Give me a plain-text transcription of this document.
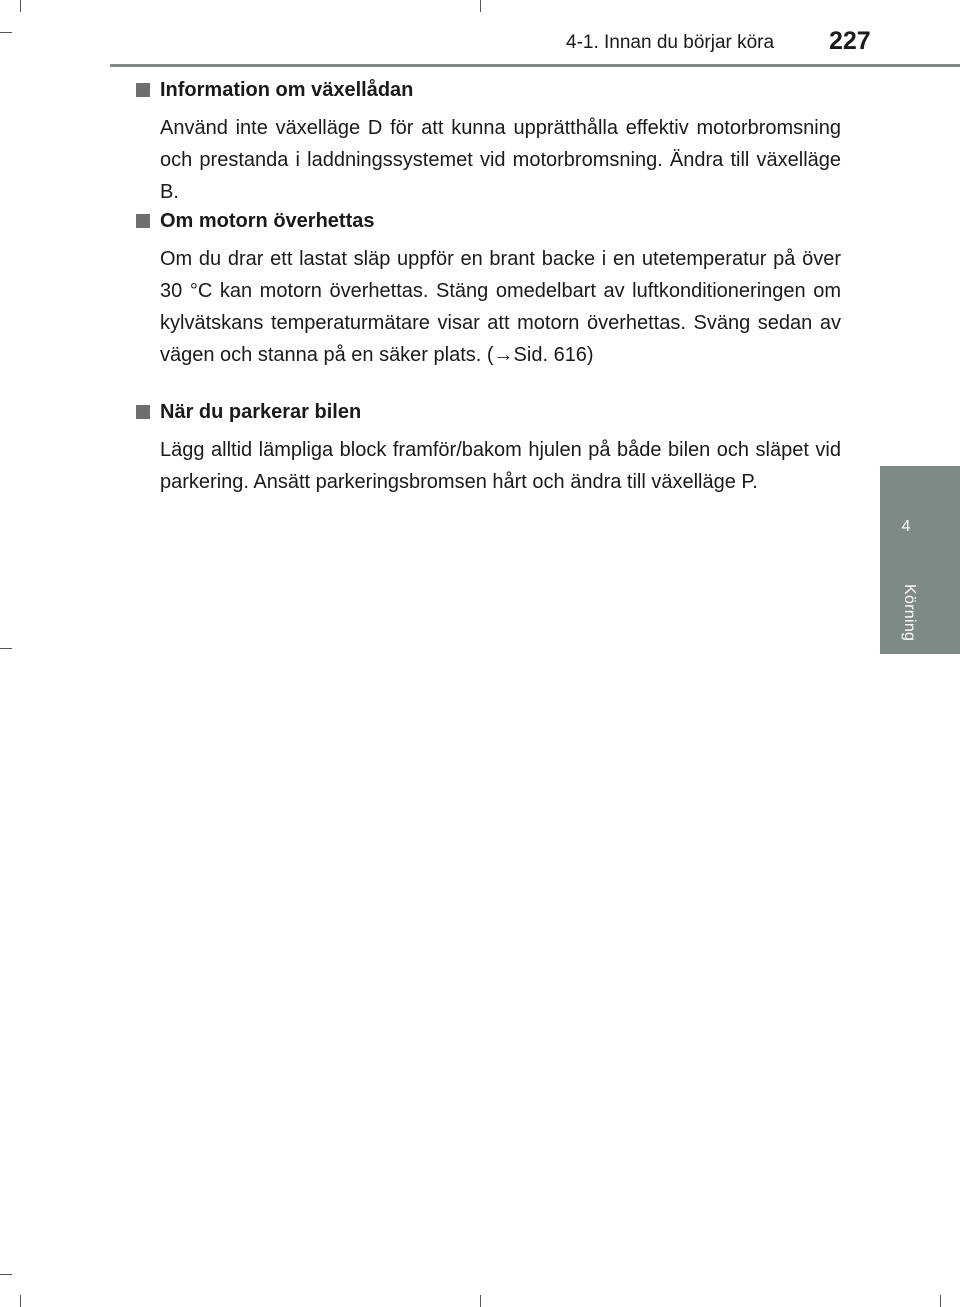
4-1. Innan du börjar köra 227
4
Körning
Information om växellådan

Använd inte växelläge D för att kunna upprätthålla effektiv motorbromsning och prestanda i laddningssystemet vid motorbromsning. Ändra till växelläge B.

Om motorn överhettas

Om du drar ett lastat släp uppför en brant backe i en utetemperatur på över 30 °C kan motorn överhettas. Stäng omedelbart av luftkonditioneringen om kylvätskans temperaturmätare visar att motorn överhettas. Sväng sedan av vägen och stanna på en säker plats. (→Sid. 616)

När du parkerar bilen

Lägg alltid lämpliga block framför/bakom hjulen på både bilen och släpet vid parkering. Ansätt parkeringsbromsen hårt och ändra till växelläge P.
